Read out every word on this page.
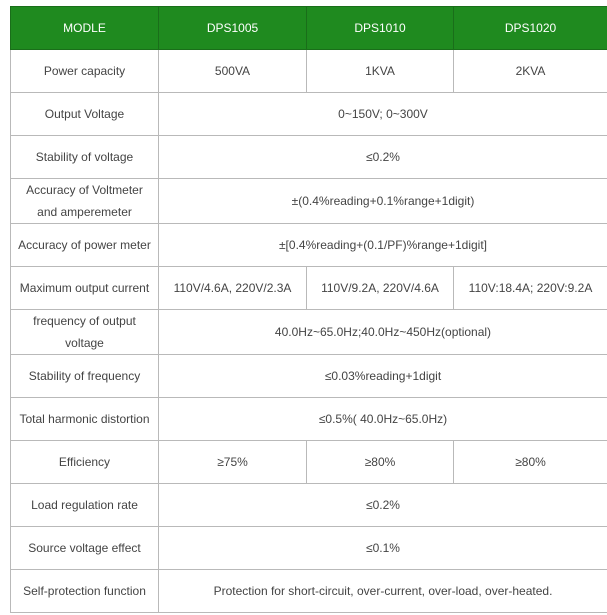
MODLE	DPS1005	DPS1010	DPS1020
Power capacity	500VA	1KVA	2KVA
Output Voltage	0~150V; 0~300V		
Stability of voltage	≤0.2%		
Accuracy of Voltmeter and amperemeter	±(0.4%reading+0.1%range+1digit)		
Accuracy of power meter	±[0.4%reading+(0.1/PF)%range+1digit]		
Maximum output current	110V/4.6A, 220V/2.3A	110V/9.2A, 220V/4.6A	110V:18.4A; 220V:9.2A
frequency of output voltage	40.0Hz~65.0Hz;40.0Hz~450Hz(optional)		
Stability of frequency	≤0.03%reading+1digit		
Total harmonic distortion	≤0.5%( 40.0Hz~65.0Hz)		
Efficiency	≥75%	≥80%	≥80%
Load regulation rate	≤0.2%		
Source voltage effect	≤0.1%		
Self-protection function	Protection for short-circuit, over-current, over-load, over-heated.		
